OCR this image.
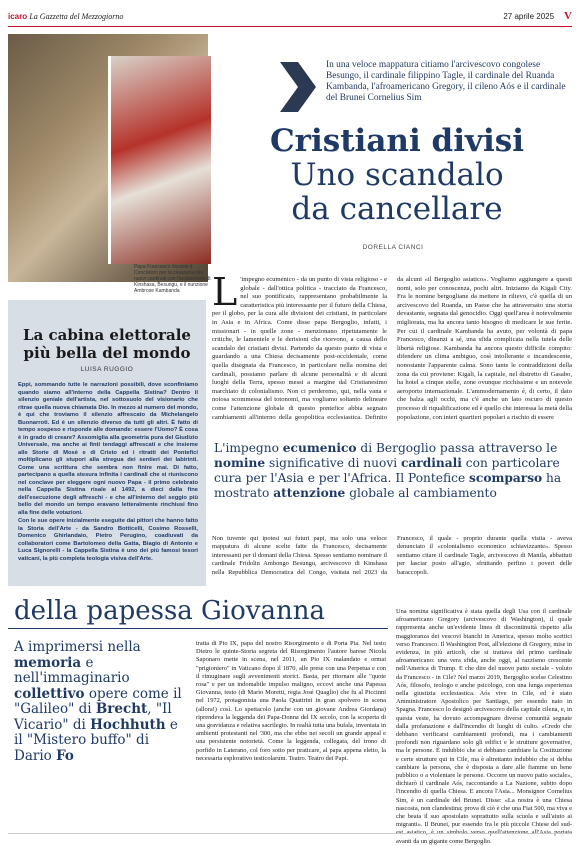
icaro La Gazzetta del Mezzogiorno	27 aprile 2025 V
Papa Francesco durante il Concistoro per la creazione dei nuovi cardinali con l'arcivescovo di Kinshasa, Besungu, e il nunzione Ambrose Kambanda
In una veloce mappatura citiamo l'arcivescovo congolese Besungo, il cardinale filippino Tagle, il cardinale del Ruanda Kambanda, l'afroamericano Gregory, il cileno Aós e il cardinale del Brunei Cornelius Sim
Cristiani divisi
Uno scandalo
da cancellare
DORELLA CIANCI
L 'impegno ecumenico - da un punto di vista religioso - e globale - dall'ottica politica - tracciato da Francesco, nel suo pontificato, rappresentano probabilmente la caratteristica più interessante per il futuro della Chiesa, per il globo, per la cura alle divisioni dei cristiani, in particolare in Asia e in Africa. Come disse papa Bergoglio, infatti, i missionari - in quelle zone - menzionano ripetutamente le critiche, le lamentele e le derisioni che ricevono, a causa dello scandalo dei cristiani divisi. Partendo da questo punto di vista e guardando a una Chiesa decisamente post-occidentale, come quella disegnata da Francesco, in particolare nella nomina dei cardinali, possiamo parlare di alcune personalità e di alcuni luoghi della Terra, spesso messi a margine dal Cristianesimo marchiato di colonialismo. Non ci perderemo, qui, nella vana e noiosa scommessa del totonomi, ma vogliamo soltanto delineare come l'attenzione globale di questo pontefice abbia segnato cambiamenti all'interno della geopolitica ecclesiastica. Definito da alcuni «il Bergoglio asiatico». Vogliamo aggiungere a questi nomi, solo per conoscenza, pochi altri. Iniziamo da Kigali City. Fra le nomine bergogliane da mettere in rilievo, c'è quella di un arcivescovo del Ruanda, un Paese che ha attraversato una storia devastante, segnata dal genocidio. Oggi quell'area è notevolmente migliorata, ma ha ancora tanto bisogno di medicare le sue ferite. Per cui il cardinale Kambanda ha avuto, per volontà di papa Francesco, dinanzi a sé, una sfida complicata nella tutela delle libertà religiose. Kambanda ha ancora questo difficile compito: difendere un clima ambiguo, così intollerante e incandescente, nonostante l'apparente calma. Sono tante le contraddizioni della zona da cui proviene: Kigali, la capitale, nel distretto di Gasabo, ha hotel a cinque stelle, zone ovunque ricchissime e un notevole aeroporto internazionale. L'ammodernamento è, di certo, il dato che balza agli occhi, ma c'è anche un lato oscuro di questo processo di riqualificazione ed è quello che interessa la metà della popolazione, con interi quartieri popolari a rischio di essere

La cabina elettorale
più bella del mondo
LUISA RUGGIO

Eppi, sommando tutte le narrazioni possibili, dove sconfiniamo quando siamo all'interno della Cappella Sistina? Dentro il silenzio geniale dell'artista, nel sottosuolo del visionario che ritrae quella nuova chiamata Dio. In mezzo al numero del mondo, è qui che troviamo il silenzio affrescato da Michelangelo Buonarroti. Ed è un silenzio diverso da tutti gli altri. È fatto di tempo sospeso e risponde alle domande: essere l'Uomo? È cosa è in grado di creare? Assomiglia alla geometria pura del Giudizio Universale, ma anche ai finti tendaggi affrescati e che insieme alle Storie di Mosè e di Cristo ed i ritratti dei Pontefici moltiplicano gli stupori alla stregua dei sentieri dei labirinti. Come una scrittura che sembra non finire mai. Di fatto, partecipano a quella stesura infinita i cardinali che si riuniscono nel conclave per eleggere ogni nuovo Papa - il primo celebrato nella Cappella Sistina risale al 1492, a dieci dalla fine dell'esecuzione degli affreschi - e che all'interno del seggio più bello del mondo un tempo eravano letteralmente rinchiusi fino alla fine delle votazioni.

Con le sue opere inizialmente eseguite dai pittori che hanno fatto la Storia dell'Arte - da Sandro Botticelli, Cosimo Rosselli, Domenico Ghirlandaio, Pietro Perugino, coadiuvati da collaboratori come Bartolomeo della Gatta, Biagio di Antonio e Luca Signorelli - la Cappella Sistina è uno dei più famosi tesori vaticani, la più completa teologia visiva dell'Arte.

L'impegno ecumenico di Bergoglio passa attraverso le nomine significative di nuovi cardinali con particolare cura per l'Asia e per l'Africa. Il Pontefice scomparso ha mostrato attenzione globale al cambiamento

Non tuvente qui ipotesi sui futuri papi, ma solo una veloce mappatura di alcune scelte fatte da Francesco, decisamente interessanti per il domani della Chiesa. Spesso sentiamo nominare il cardinale Fridolin Ambongo Besungu, arcivescovo di Kinshasa nella Repubblica Democratica del Congo, visitata nel 2023 da Francesco, il quale - proprio durante quella visita - aveva denunciato il «colonialismo economico schiavizzante». Spesso sentiamo citare il cardinale Tagle, arcivescovo di Manila, abbattuti per lasciar posto all'agio, sfruttando perfino i poveri delle baraccopoli.

Una nomina significativa è stata quella degli Usa con il cardinale afroamericano Gregory (arcivescovo di Washington), il quale rappresenta anche un'evidente linea di discontinuità rispetto alla maggioranza dei vescovi bianchi in America, spesso molto scettici verso Francesco. Il Washington Post, all'elezione di Gregory, mise in evidenza, in più articoli, che si trattava del primo cardinale afroamericano: una vera sfida, anche oggi, al razzismo crescente nell'America di Trump. E che dire del nuovo patto sociale - voluto da Francesco - in Cile? Nel marzo 2019, Bergoglio scelse Celestino Aós, filosofo, teologo e anche psicologo, con una lunga esperienza nella giustizia ecclesiastica. Aós vive in Cile, ed è stato Amministratore Apostolico per Santiago, per essendo nato in Spagna. Francesco lo designò arcivescovo della capitale cilena, e, in questa veste, ha dovuto accompagnare diverse comunità segnate dalla profanazione e dall'incendio di luoghi di culto. «Credo che debbano verificarsi cambiamenti profondi, ma i cambiamenti profondi non riguardano solo gli edifici e le strutture governative, ma le persone. È indubbio che si debbano cambiare la Costituzione e certe strutture qui in Cile, ma è altrettanto indubbio che si debba cambiare la persona, che è disposta a dare alle fiamme un bene pubblico o a violentare le persone. Occorre un nuovo patto sociale», dichiarò il cardinale Aós, raccontando a La Nazione, subito dopo l'incendio di quella Chiesa. E ancora l'Asia... Monsignor Cornelius Sim, è un cardinale del Brunei. Disse: «La nostra è una Chiesa nascosta, non clandestina; prova di ciò è che una Fiat 500, ma viva e che beata il suo apostolato soprattutto sulla scuola e sull'aiuto ai migranti». Il Brunei, pur essendo fra le più piccole Chiese del sud- avanti da un gigante come Bergoglio.
della papessa Giovanna
A imprimersi nella memoria e nell'immaginario collettivo opere come il "Galileo" di Brecht, "Il Vicario" di Hochhuth e il "Mistero buffo" di Dario Fo

tratta di Pio IX, papa del nostro Risorgimento e di Porta Pia. Nel testo Dietro le quinte-Storia segreta del Risorgimento l'autore barese Nicola Saponaro mette in scena, nel 2011, un Pio IX malandato e ormai "prigioniero" in Vaticano dopo il 1870, alle prese con una Perpetua e con il rimuginare sugli avvenimenti storici. Basta, per ritornare alle "quote rosa" e per un indomabile impulso maligno, eccovi anche una Papessa Giovanna, testo (di Mario Moretti, regia José Quaglio) che fu al Piccinni nel 1972, protagonista una Paola Quattrini in gran spolvero in scena (allora!) così. Lo spettacolo (anche con un giovane Andrea Giordana) riprendeva la leggenda dei Papa-Donna del IX secolo, con la scoperta di una gravidanza e relativa sacrilegio. In realtà tutta una bufala, inventata in ambienti protestanti nel '300, ma che ebbe nei secoli un grande appeal e una persistente notorietà. Come la leggenda, collegata, del trono di porfido in Laterano, col foro sotto per praticare, al papa appena eletto, la necessaria esplorativo testicolarum. Teatro. Teatro dei Papi.
